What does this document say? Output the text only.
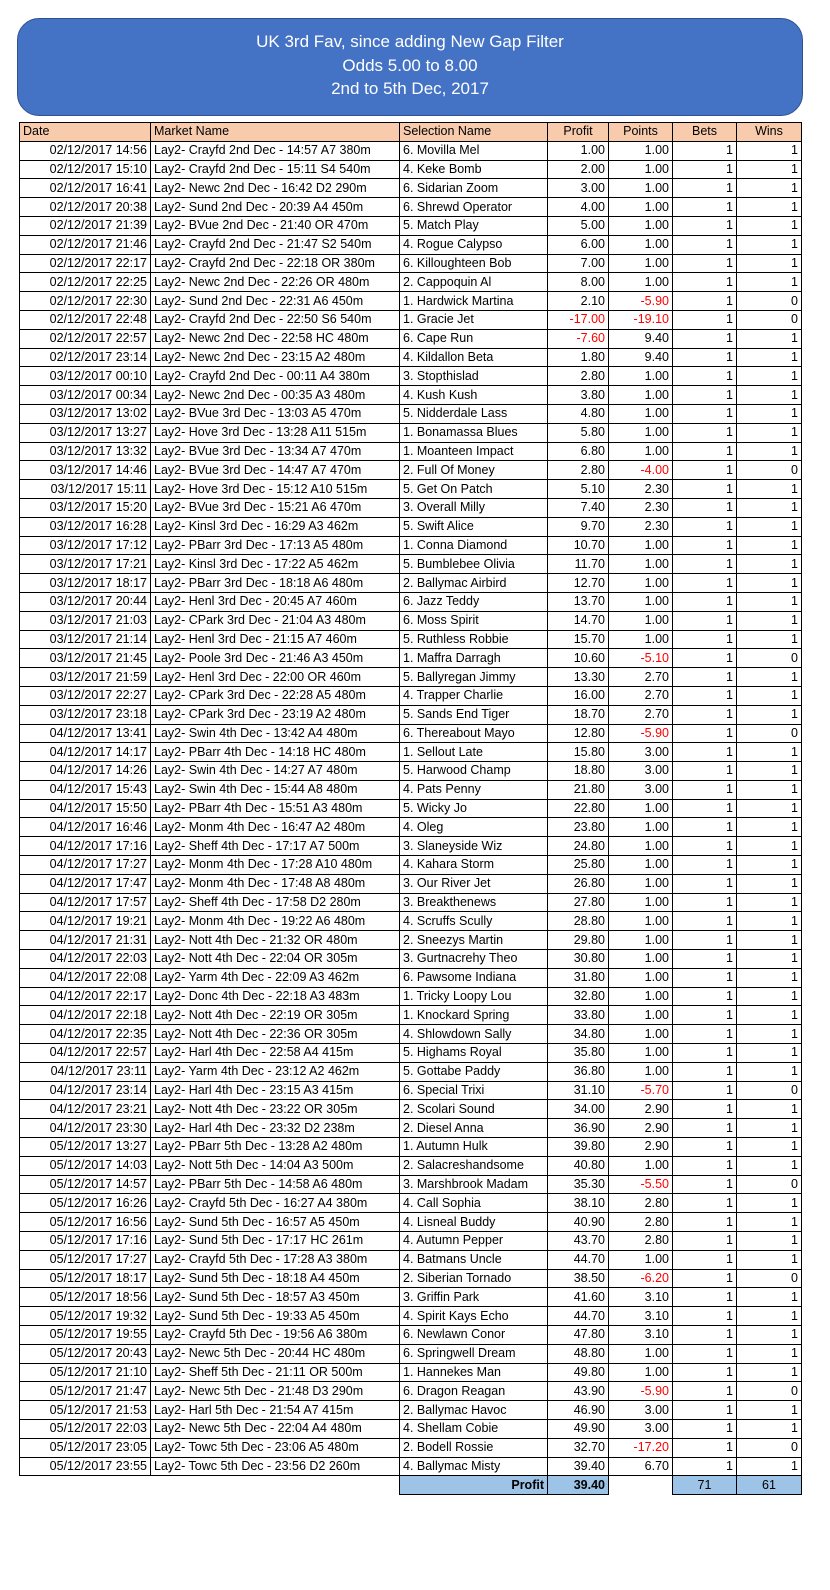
UK 3rd Fav, since adding New Gap Filter
Odds 5.00 to 8.00
2nd to 5th Dec, 2017
Date	Market Name	Selection Name	Profit	Points	Bets	Wins
02/12/2017 14:56	Lay2- Crayfd 2nd Dec - 14:57 A7 380m	6. Movilla Mel	1.00	1.00	1	1
02/12/2017 15:10	Lay2- Crayfd 2nd Dec - 15:11 S4 540m	4. Keke Bomb	2.00	1.00	1	1
02/12/2017 16:41	Lay2- Newc 2nd Dec - 16:42 D2 290m	6. Sidarian Zoom	3.00	1.00	1	1
02/12/2017 20:38	Lay2- Sund 2nd Dec - 20:39 A4 450m	6. Shrewd Operator	4.00	1.00	1	1
02/12/2017 21:39	Lay2- BVue 2nd Dec - 21:40 OR 470m	5. Match Play	5.00	1.00	1	1
02/12/2017 21:46	Lay2- Crayfd 2nd Dec - 21:47 S2 540m	4. Rogue Calypso	6.00	1.00	1	1
02/12/2017 22:17	Lay2- Crayfd 2nd Dec - 22:18 OR 380m	6. Killoughteen Bob	7.00	1.00	1	1
02/12/2017 22:25	Lay2- Newc 2nd Dec - 22:26 OR 480m	2. Cappoquin Al	8.00	1.00	1	1
02/12/2017 22:30	Lay2- Sund 2nd Dec - 22:31 A6 450m	1. Hardwick Martina	2.10	-5.90	1	0
02/12/2017 22:48	Lay2- Crayfd 2nd Dec - 22:50 S6 540m	1. Gracie Jet	-17.00	-19.10	1	0
02/12/2017 22:57	Lay2- Newc 2nd Dec - 22:58 HC 480m	6. Cape Run	-7.60	9.40	1	1
02/12/2017 23:14	Lay2- Newc 2nd Dec - 23:15 A2 480m	4. Kildallon Beta	1.80	9.40	1	1
03/12/2017 00:10	Lay2- Crayfd 2nd Dec - 00:11 A4 380m	3. Stopthislad	2.80	1.00	1	1
03/12/2017 00:34	Lay2- Newc 2nd Dec - 00:35 A3 480m	4. Kush Kush	3.80	1.00	1	1
03/12/2017 13:02	Lay2- BVue 3rd Dec - 13:03 A5 470m	5. Nidderdale Lass	4.80	1.00	1	1
03/12/2017 13:27	Lay2- Hove 3rd Dec - 13:28 A11 515m	1. Bonamassa Blues	5.80	1.00	1	1
03/12/2017 13:32	Lay2- BVue 3rd Dec - 13:34 A7 470m	1. Moanteen Impact	6.80	1.00	1	1
03/12/2017 14:46	Lay2- BVue 3rd Dec - 14:47 A7 470m	2. Full Of Money	2.80	-4.00	1	0
03/12/2017 15:11	Lay2- Hove 3rd Dec - 15:12 A10 515m	5. Get On Patch	5.10	2.30	1	1
03/12/2017 15:20	Lay2- BVue 3rd Dec - 15:21 A6 470m	3. Overall Milly	7.40	2.30	1	1
03/12/2017 16:28	Lay2- Kinsl 3rd Dec - 16:29 A3 462m	5. Swift Alice	9.70	2.30	1	1
03/12/2017 17:12	Lay2- PBarr 3rd Dec - 17:13 A5 480m	1. Conna Diamond	10.70	1.00	1	1
03/12/2017 17:21	Lay2- Kinsl 3rd Dec - 17:22 A5 462m	5. Bumblebee Olivia	11.70	1.00	1	1
03/12/2017 18:17	Lay2- PBarr 3rd Dec - 18:18 A6 480m	2. Ballymac Airbird	12.70	1.00	1	1
03/12/2017 20:44	Lay2- Henl 3rd Dec - 20:45 A7 460m	6. Jazz Teddy	13.70	1.00	1	1
03/12/2017 21:03	Lay2- CPark 3rd Dec - 21:04 A3 480m	6. Moss Spirit	14.70	1.00	1	1
03/12/2017 21:14	Lay2- Henl 3rd Dec - 21:15 A7 460m	5. Ruthless Robbie	15.70	1.00	1	1
03/12/2017 21:45	Lay2- Poole 3rd Dec - 21:46 A3 450m	1. Maffra Darragh	10.60	-5.10	1	0
03/12/2017 21:59	Lay2- Henl 3rd Dec - 22:00 OR 460m	5. Ballyregan Jimmy	13.30	2.70	1	1
03/12/2017 22:27	Lay2- CPark 3rd Dec - 22:28 A5 480m	4. Trapper Charlie	16.00	2.70	1	1
03/12/2017 23:18	Lay2- CPark 3rd Dec - 23:19 A2 480m	5. Sands End Tiger	18.70	2.70	1	1
04/12/2017 13:41	Lay2- Swin 4th Dec - 13:42 A4 480m	6. Thereabout Mayo	12.80	-5.90	1	0
04/12/2017 14:17	Lay2- PBarr 4th Dec - 14:18 HC 480m	1. Sellout Late	15.80	3.00	1	1
04/12/2017 14:26	Lay2- Swin 4th Dec - 14:27 A7 480m	5. Harwood Champ	18.80	3.00	1	1
04/12/2017 15:43	Lay2- Swin 4th Dec - 15:44 A8 480m	4. Pats Penny	21.80	3.00	1	1
04/12/2017 15:50	Lay2- PBarr 4th Dec - 15:51 A3 480m	5. Wicky Jo	22.80	1.00	1	1
04/12/2017 16:46	Lay2- Monm 4th Dec - 16:47 A2 480m	4. Oleg	23.80	1.00	1	1
04/12/2017 17:16	Lay2- Sheff 4th Dec - 17:17 A7 500m	3. Slaneyside Wiz	24.80	1.00	1	1
04/12/2017 17:27	Lay2- Monm 4th Dec - 17:28 A10 480m	4. Kahara Storm	25.80	1.00	1	1
04/12/2017 17:47	Lay2- Monm 4th Dec - 17:48 A8 480m	3. Our River Jet	26.80	1.00	1	1
04/12/2017 17:57	Lay2- Sheff 4th Dec - 17:58 D2 280m	3. Breakthenews	27.80	1.00	1	1
04/12/2017 19:21	Lay2- Monm 4th Dec - 19:22 A6 480m	4. Scruffs Scully	28.80	1.00	1	1
04/12/2017 21:31	Lay2- Nott 4th Dec - 21:32 OR 480m	2. Sneezys Martin	29.80	1.00	1	1
04/12/2017 22:03	Lay2- Nott 4th Dec - 22:04 OR 305m	3. Gurtnacrehy Theo	30.80	1.00	1	1
04/12/2017 22:08	Lay2- Yarm 4th Dec - 22:09 A3 462m	6. Pawsome Indiana	31.80	1.00	1	1
04/12/2017 22:17	Lay2- Donc 4th Dec - 22:18 A3 483m	1. Tricky Loopy Lou	32.80	1.00	1	1
04/12/2017 22:18	Lay2- Nott 4th Dec - 22:19 OR 305m	1. Knockard Spring	33.80	1.00	1	1
04/12/2017 22:35	Lay2- Nott 4th Dec - 22:36 OR 305m	4. Shlowdown Sally	34.80	1.00	1	1
04/12/2017 22:57	Lay2- Harl 4th Dec - 22:58 A4 415m	5. Highams Royal	35.80	1.00	1	1
04/12/2017 23:11	Lay2- Yarm 4th Dec - 23:12 A2 462m	5. Gottabe Paddy	36.80	1.00	1	1
04/12/2017 23:14	Lay2- Harl 4th Dec - 23:15 A3 415m	6. Special Trixi	31.10	-5.70	1	0
04/12/2017 23:21	Lay2- Nott 4th Dec - 23:22 OR 305m	2. Scolari Sound	34.00	2.90	1	1
04/12/2017 23:30	Lay2- Harl 4th Dec - 23:32 D2 238m	2. Diesel Anna	36.90	2.90	1	1
05/12/2017 13:27	Lay2- PBarr 5th Dec - 13:28 A2 480m	1. Autumn Hulk	39.80	2.90	1	1
05/12/2017 14:03	Lay2- Nott 5th Dec - 14:04 A3 500m	2. Salacreshandsome	40.80	1.00	1	1
05/12/2017 14:57	Lay2- PBarr 5th Dec - 14:58 A6 480m	3. Marshbrook Madam	35.30	-5.50	1	0
05/12/2017 16:26	Lay2- Crayfd 5th Dec - 16:27 A4 380m	4. Call Sophia	38.10	2.80	1	1
05/12/2017 16:56	Lay2- Sund 5th Dec - 16:57 A5 450m	4. Lisneal Buddy	40.90	2.80	1	1
05/12/2017 17:16	Lay2- Sund 5th Dec - 17:17 HC 261m	4. Autumn Pepper	43.70	2.80	1	1
05/12/2017 17:27	Lay2- Crayfd 5th Dec - 17:28 A3 380m	4. Batmans Uncle	44.70	1.00	1	1
05/12/2017 18:17	Lay2- Sund 5th Dec - 18:18 A4 450m	2. Siberian Tornado	38.50	-6.20	1	0
05/12/2017 18:56	Lay2- Sund 5th Dec - 18:57 A3 450m	3. Griffin Park	41.60	3.10	1	1
05/12/2017 19:32	Lay2- Sund 5th Dec - 19:33 A5 450m	4. Spirit Kays Echo	44.70	3.10	1	1
05/12/2017 19:55	Lay2- Crayfd 5th Dec - 19:56 A6 380m	6. Newlawn Conor	47.80	3.10	1	1
05/12/2017 20:43	Lay2- Newc 5th Dec - 20:44 HC 480m	6. Springwell Dream	48.80	1.00	1	1
05/12/2017 21:10	Lay2- Sheff 5th Dec - 21:11 OR 500m	1. Hannekes Man	49.80	1.00	1	1
05/12/2017 21:47	Lay2- Newc 5th Dec - 21:48 D3 290m	6. Dragon Reagan	43.90	-5.90	1	0
05/12/2017 21:53	Lay2- Harl 5th Dec - 21:54 A7 415m	2. Ballymac Havoc	46.90	3.00	1	1
05/12/2017 22:03	Lay2- Newc 5th Dec - 22:04 A4 480m	4. Shellam Cobie	49.90	3.00	1	1
05/12/2017 23:05	Lay2- Towc 5th Dec - 23:06 A5 480m	2. Bodell Rossie	32.70	-17.20	1	0
05/12/2017 23:55	Lay2- Towc 5th Dec - 23:56 D2 260m	4. Ballymac Misty	39.40	6.70	1	1
		Profit	39.40		71	61
